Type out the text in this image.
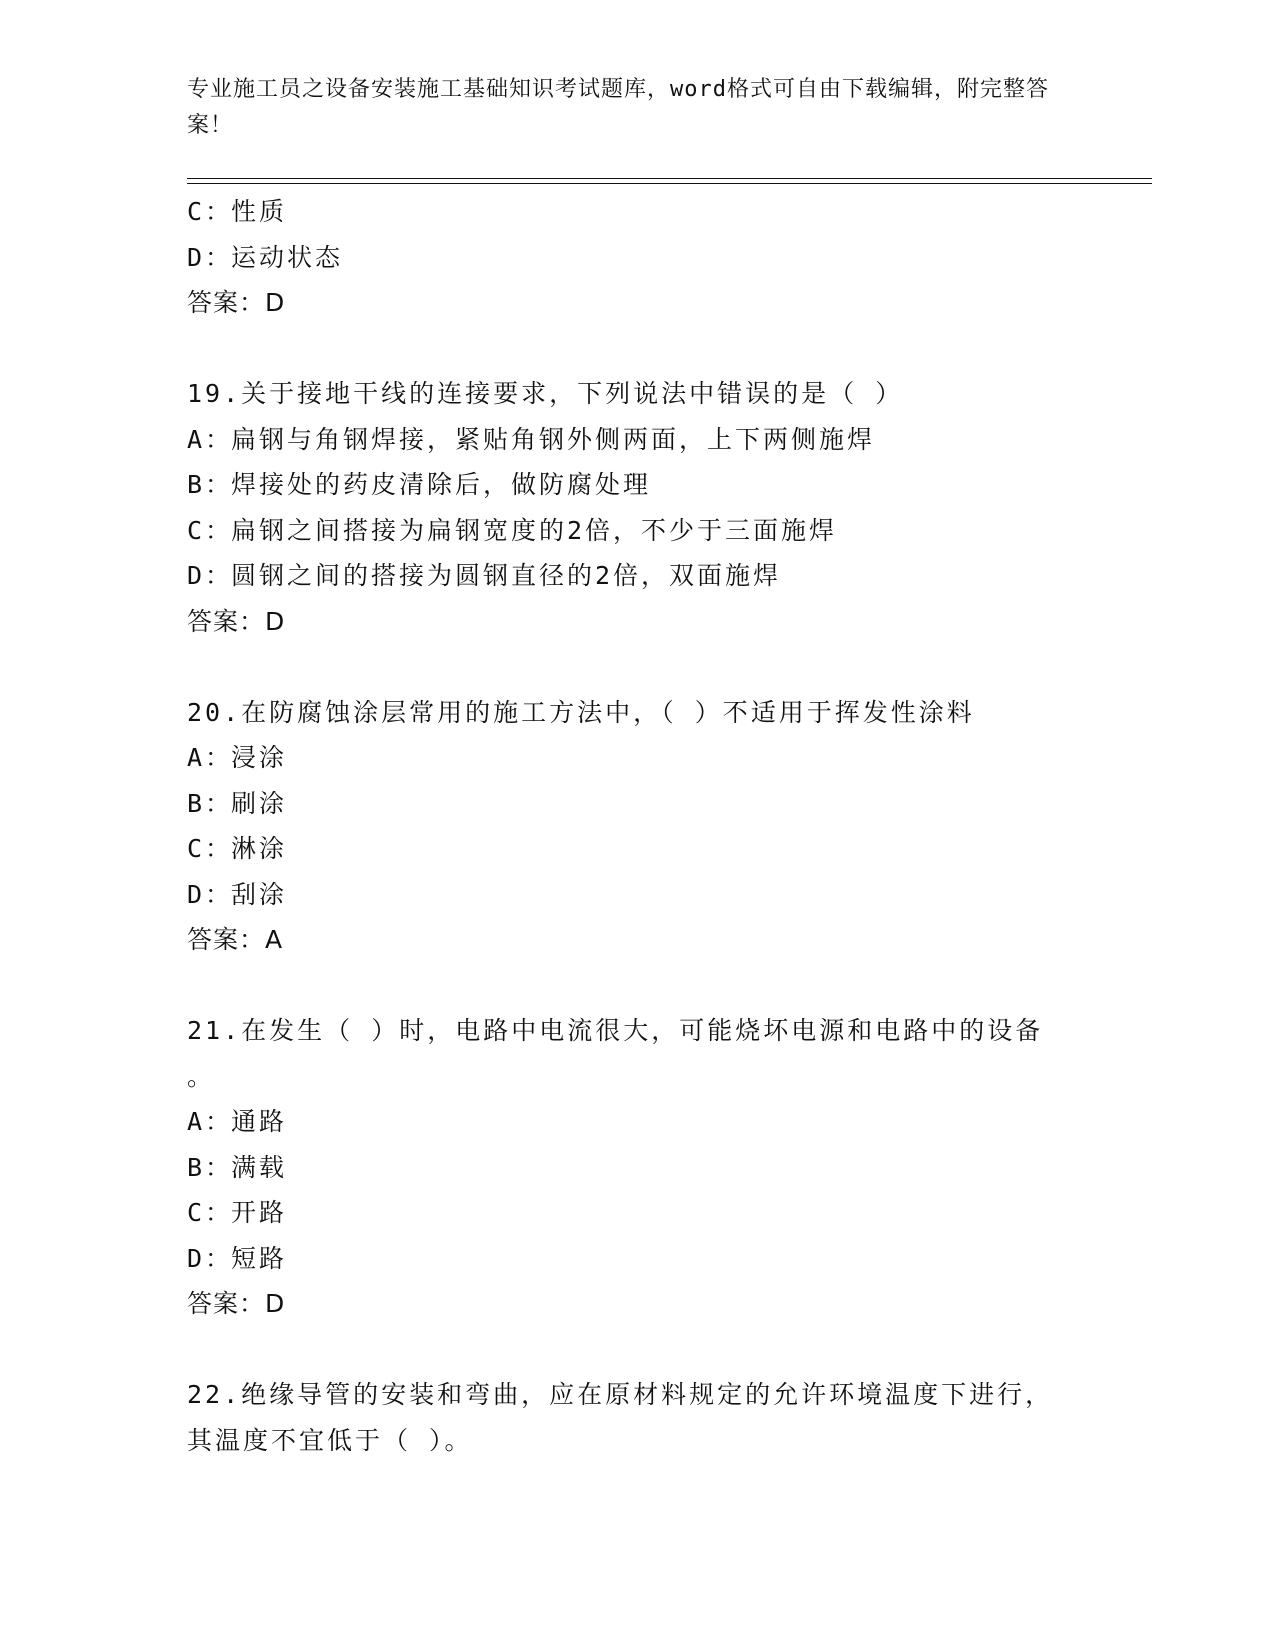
专业施工员之设备安装施工基础知识考试题库，word格式可自由下载编辑，附完整答案！
C：性质
D：运动状态
答案：D
19.关于接地干线的连接要求，下列说法中错误的是（ ）
A：扁钢与角钢焊接，紧贴角钢外侧两面，上下两侧施焊
B：焊接处的药皮清除后，做防腐处理
C：扁钢之间搭接为扁钢宽度的2倍，不少于三面施焊
D：圆钢之间的搭接为圆钢直径的2倍，双面施焊
答案：D
20.在防腐蚀涂层常用的施工方法中，（ ）不适用于挥发性涂料
A：浸涂
B：刷涂
C：淋涂
D：刮涂
答案：A
21.在发生（ ）时，电路中电流很大，可能烧坏电源和电路中的设备
。
A：通路
B：满载
C：开路
D：短路
答案：D
22.绝缘导管的安装和弯曲，应在原材料规定的允许环境温度下进行，
其温度不宜低于（ ）。
